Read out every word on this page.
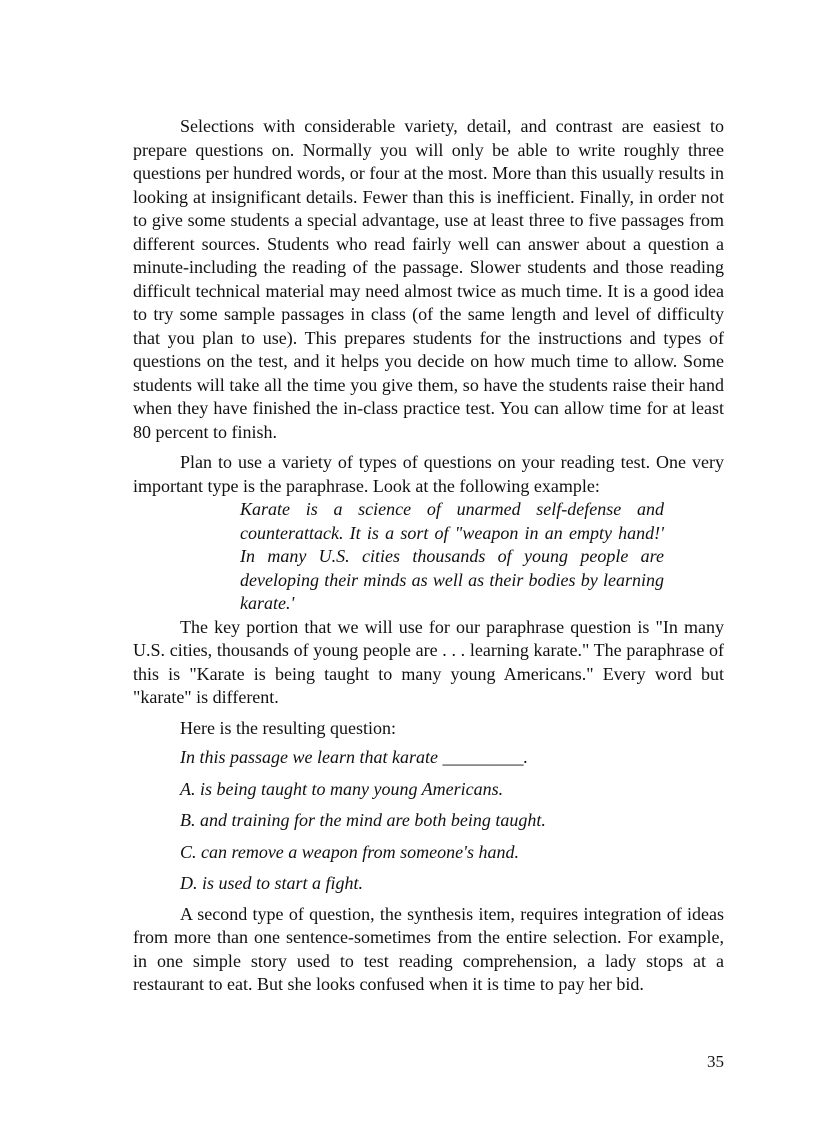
Selections with considerable variety, detail, and contrast are easiest to prepare questions on. Normally you will only be able to write roughly three questions per hundred words, or four at the most. More than this usually results in looking at insignificant details. Fewer than this is inefficient. Finally, in order not to give some students a special advantage, use at least three to five passages from different sources. Students who read fairly well can answer about a question a minute-including the reading of the passage. Slower students and those reading difficult technical material may need almost twice as much time. It is a good idea to try some sample passages in class (of the same length and level of difficulty that you plan to use). This prepares students for the instructions and types of questions on the test, and it helps you decide on how much time to allow. Some students will take all the time you give them, so have the students raise their hand when they have finished the in-class practice test. You can allow time for at least 80 percent to finish.

Plan to use a variety of types of questions on your reading test. One very important type is the paraphrase. Look at the following example:

Karate is a science of unarmed self-defense and counterattack. It is a sort of "weapon in an empty hand!' In many U.S. cities thousands of young people are developing their minds as well as their bodies by learning karate.'

The key portion that we will use for our paraphrase question is "In many U.S. cities, thousands of young people are . . . learning karate." The paraphrase of this is "Karate is being taught to many young Americans." Every word but "karate" is different.

Here is the resulting question:

In this passage we learn that karate _________.

A. is being taught to many young Americans.

B. and training for the mind are both being taught.

C. can remove a weapon from someone's hand.

D. is used to start a fight.

A second type of question, the synthesis item, requires integration of ideas from more than one sentence-sometimes from the entire selection. For example, in one simple story used to test reading comprehension, a lady stops at a restaurant to eat. But she looks confused when it is time to pay her bid.

35
